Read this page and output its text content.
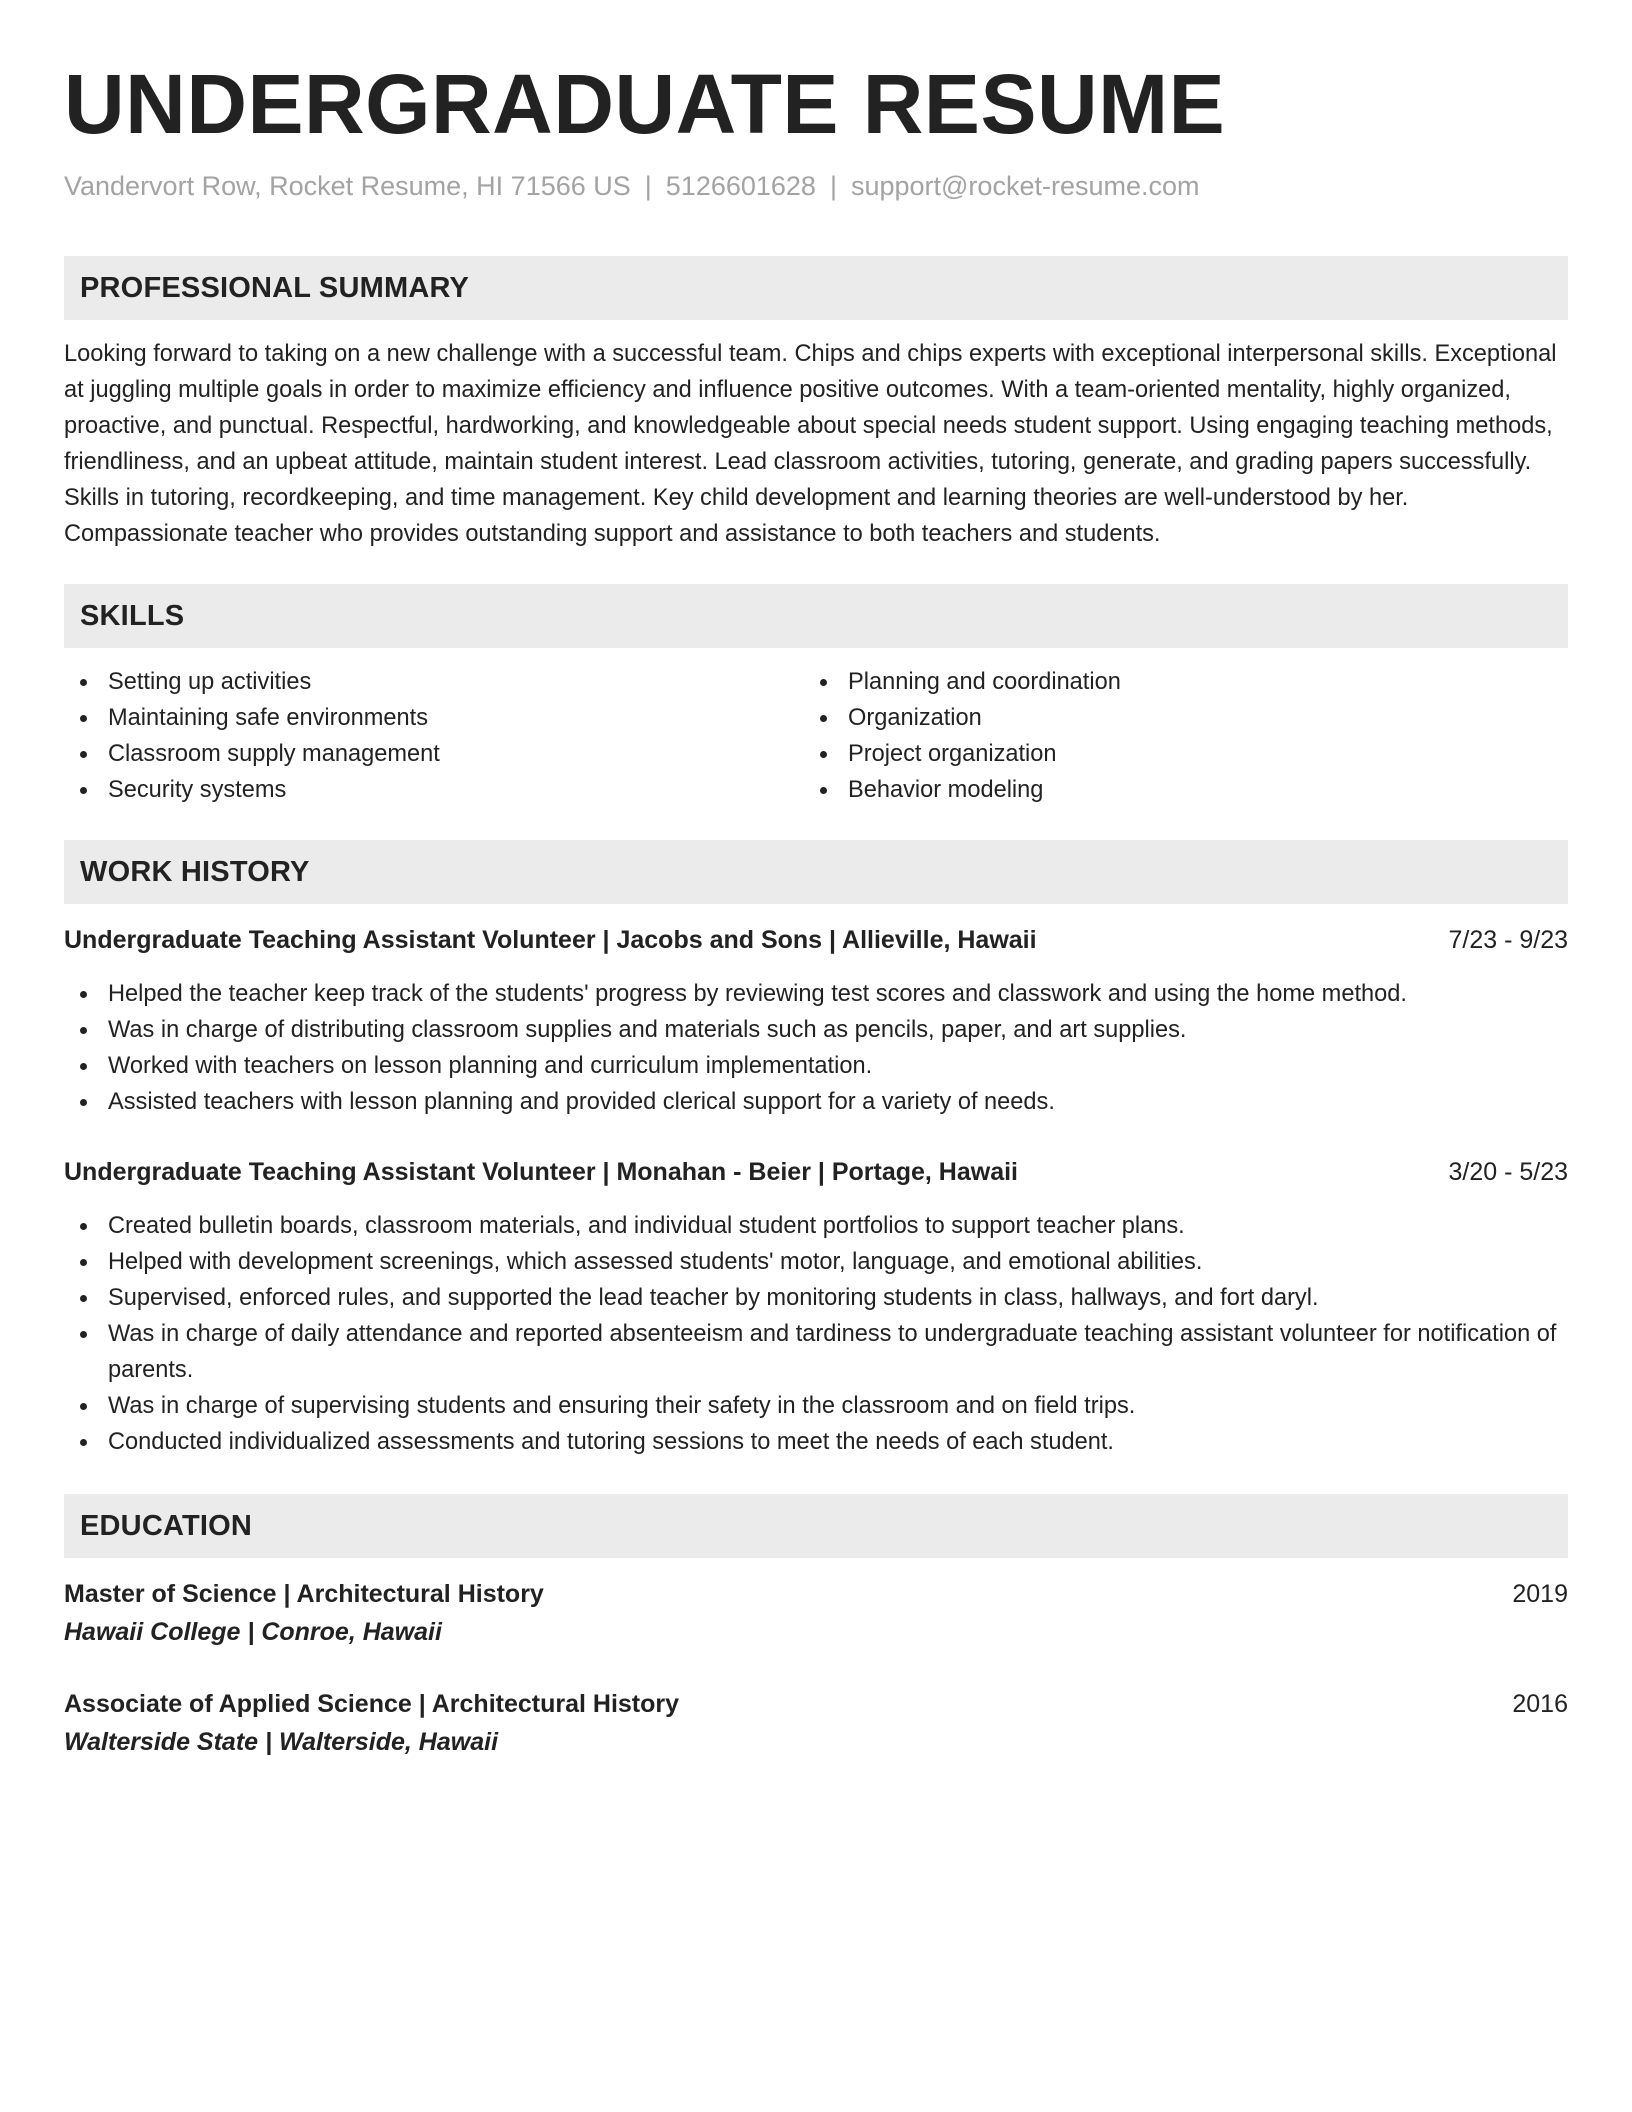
UNDERGRADUATE RESUME
Vandervort Row, Rocket Resume, HI 71566 US | 5126601628 | support@rocket-resume.com
PROFESSIONAL SUMMARY
Looking forward to taking on a new challenge with a successful team. Chips and chips experts with exceptional interpersonal skills. Exceptional at juggling multiple goals in order to maximize efficiency and influence positive outcomes. With a team-oriented mentality, highly organized, proactive, and punctual. Respectful, hardworking, and knowledgeable about special needs student support. Using engaging teaching methods, friendliness, and an upbeat attitude, maintain student interest. Lead classroom activities, tutoring, generate, and grading papers successfully. Skills in tutoring, recordkeeping, and time management. Key child development and learning theories are well-understood by her. Compassionate teacher who provides outstanding support and assistance to both teachers and students.
SKILLS
Setting up activities
Maintaining safe environments
Classroom supply management
Security systems
Planning and coordination
Organization
Project organization
Behavior modeling
WORK HISTORY
Undergraduate Teaching Assistant Volunteer | Jacobs and Sons | Allieville, Hawaii	7/23 - 9/23
Helped the teacher keep track of the students' progress by reviewing test scores and classwork and using the home method.
Was in charge of distributing classroom supplies and materials such as pencils, paper, and art supplies.
Worked with teachers on lesson planning and curriculum implementation.
Assisted teachers with lesson planning and provided clerical support for a variety of needs.
Undergraduate Teaching Assistant Volunteer | Monahan - Beier | Portage, Hawaii	3/20 - 5/23
Created bulletin boards, classroom materials, and individual student portfolios to support teacher plans.
Helped with development screenings, which assessed students' motor, language, and emotional abilities.
Supervised, enforced rules, and supported the lead teacher by monitoring students in class, hallways, and fort daryl.
Was in charge of daily attendance and reported absenteeism and tardiness to undergraduate teaching assistant volunteer for notification of parents.
Was in charge of supervising students and ensuring their safety in the classroom and on field trips.
Conducted individualized assessments and tutoring sessions to meet the needs of each student.
EDUCATION
Master of Science | Architectural History	2019
Hawaii College | Conroe, Hawaii
Associate of Applied Science | Architectural History	2016
Walterside State | Walterside, Hawaii
